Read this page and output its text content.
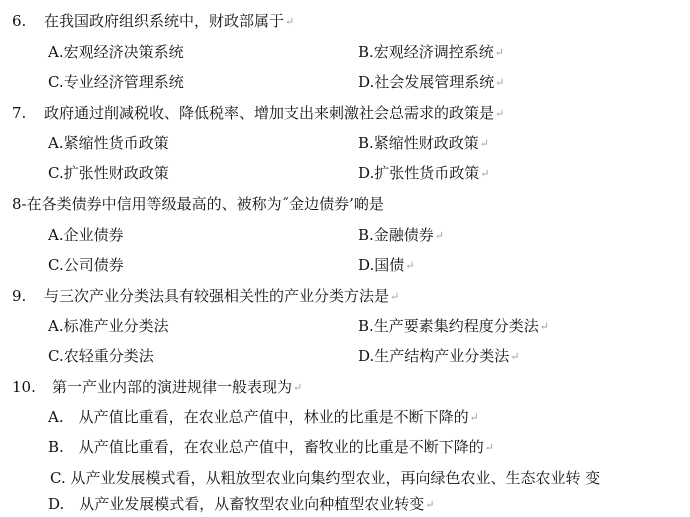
6. 在我国政府组织系统中，财政部属于↵
A.宏观经济决策系统	B.宏观经济调控系统↵
C.专业经济管理系统	D.社会发展管理系统↵
7. 政府通过削减税收、降低税率、增加支出来刺激社会总需求的政策是↵
A.紧缩性货币政策	B.紧缩性财政政策↵
C.扩张性财政政策	D.扩张性货币政策↵
8-在各类债券中信用等级最高的、被称为˝金边债券’啲是
A.企业债券	B.金融债券↵
C.公司债券	D.国债↵
9. 与三次产业分类法具有较强相关性的产业分类方法是↵
A.标准产业分类法	B.生产要素集约程度分类法↵
C.农轻重分类法	D.生产结构产业分类法↵
10. 第一产业内部的演进规律一般表现为↵
A.　从产值比重看，在农业总产值中，林业的比重是不断下降的↵
B.　从产值比重看，在农业总产值中，畜牧业的比重是不断下降的↵
C. 从产业发展模式看，从粗放型农业向集约型农业，再向绿色农业、生态农业转 变
D.　从产业发展模式看，从畜牧型农业向种植型农业转变↵
